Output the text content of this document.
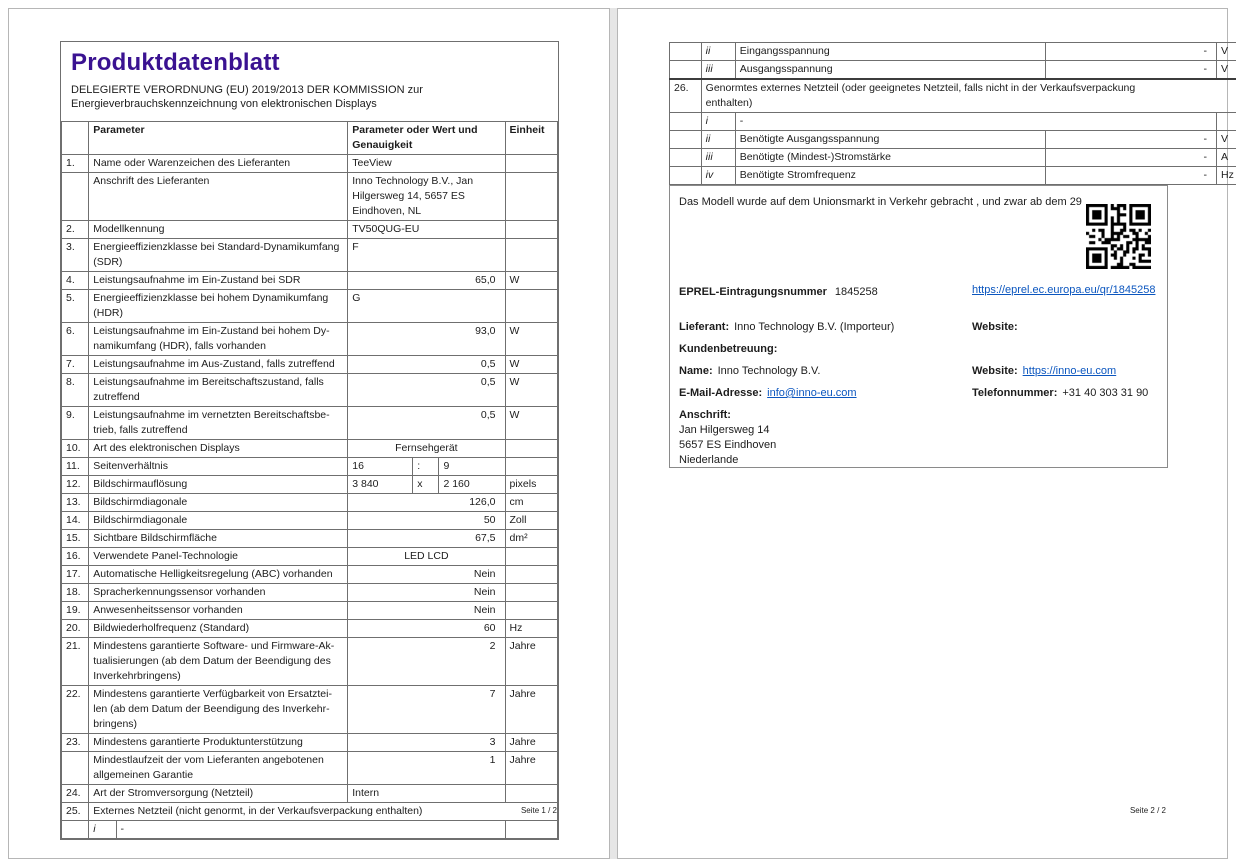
Produktdatenblatt

DELEGIERTE VERORDNUNG (EU) 2019/2013 DER KOMMISSION zur
Energieverbrauchskennzeichnung von elektronischen Displays

	Parameter		Parameter oder Wert und
Genauigkeit			Einheit
1.	Name oder Warenzeichen des Lieferanten		TeeView			
	Anschrift des Lieferanten		Inno Technology B.V., Jan
Hilgersweg 14, 5657 ES
Eindhoven, NL			
2.	Modellkennung		TV50QUG-EU			
3.	Energieeffizienzklasse bei Standard-Dynamikumfang
(SDR)		F			
4.	Leistungsaufnahme im Ein-Zustand bei SDR		65,0			W
5.	Energieeffizienzklasse bei hohem Dynamikumfang
(HDR)		G			
6.	Leistungsaufnahme im Ein-Zustand bei hohem Dy-
namikumfang (HDR), falls vorhanden		93,0			W
7.	Leistungsaufnahme im Aus-Zustand, falls zutreffend		0,5			W
8.	Leistungsaufnahme im Bereitschaftszustand, falls
zutreffend		0,5			W
9.	Leistungsaufnahme im vernetzten Bereitschaftsbe-
trieb, falls zutreffend		0,5			W
10.	Art des elektronischen Displays		Fernsehgerät			
11.	Seitenverhältnis		16	:	9	
12.	Bildschirmauflösung		3 840	x	2 160	pixels
13.	Bildschirmdiagonale		126,0			cm
14.	Bildschirmdiagonale		50			Zoll
15.	Sichtbare Bildschirmfläche		67,5			dm²
16.	Verwendete Panel-Technologie		LED LCD			
17.	Automatische Helligkeitsregelung (ABC) vorhanden		Nein			
18.	Spracherkennungssensor vorhanden		Nein			
19.	Anwesenheitssensor vorhanden		Nein			
20.	Bildwiederholfrequenz (Standard)		60			Hz
21.	Mindestens garantierte Software- und Firmware-Ak-
tualisierungen (ab dem Datum der Beendigung des
Inverkehrbringens)		2			Jahre
22.	Mindestens garantierte Verfügbarkeit von Ersatztei-
len (ab dem Datum der Beendigung des Inverkehr-
bringens)		7			Jahre
23.	Mindestens garantierte Produktunterstützung		3			Jahre
	Mindestlaufzeit der vom Lieferanten angebotenen
allgemeinen Garantie		1			Jahre
24.	Art der Stromversorgung (Netzteil)		Intern			
25.	Externes Netzteil (nicht genormt, in der Verkaufsverpackung enthalten)					
	i	-				
Seite 1 / 2
	ii	Eingangsspannung	-	V
	iii	Ausgangsspannung	-	V
26.	Genormtes externes Netzteil (oder geeignetes Netzteil, falls nicht in der Verkaufsverpackung
enthalten)			
	i	-		
	ii	Benötigte Ausgangsspannung	-	V
	iii	Benötigte (Mindest-)Stromstärke	-	A
	iv	Benötigte Stromfrequenz	-	Hz
Das Modell wurde auf dem Unionsmarkt in Verkehr gebracht , und zwar ab dem 29
EPREL-Eintragungsnummer 1845258	https://eprel.ec.europa.eu/qr/1845258
Lieferant: Inno Technology B.V. (Importeur)	Website:
Kundenbetreuung:
Name: Inno Technology B.V.	Website: https://inno-eu.com
E-Mail-Adresse: info@inno-eu.com	Telefonnummer: +31 40 303 31 90
Anschrift:
Jan Hilgersweg 14
5657 ES Eindhoven
Niederlande
Seite 2 / 2
